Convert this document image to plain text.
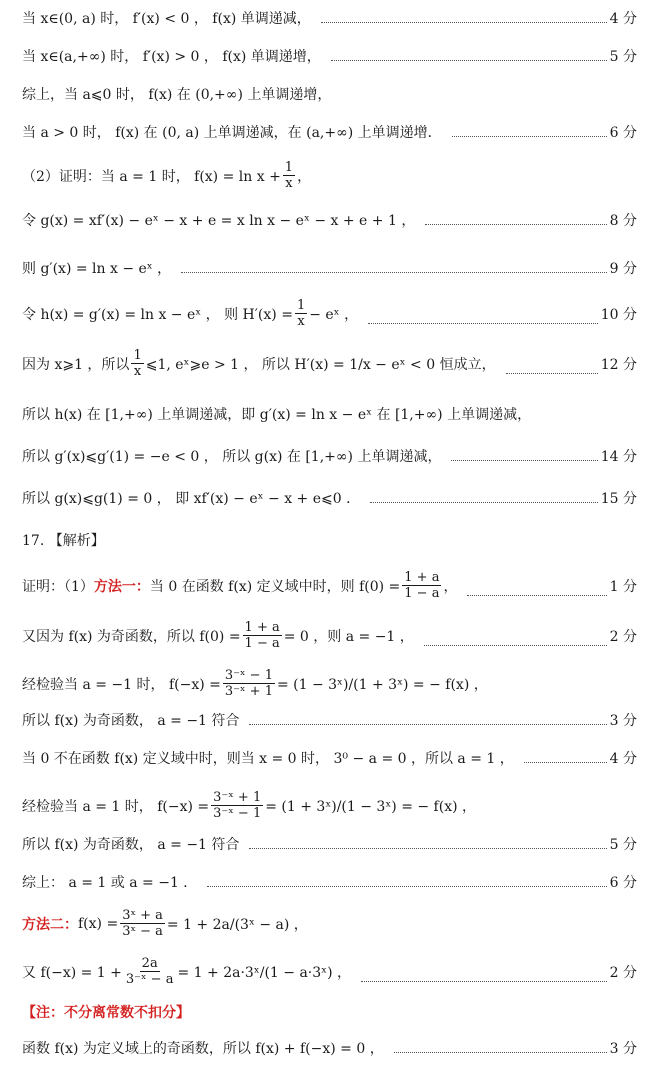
当 x∈(0, a) 时， f′(x) < 0 ， f(x) 单调递减，	4 分
当 x∈(a,+∞) 时， f′(x) > 0 ， f(x) 单调递增，	5 分
综上，当 a⩽0 时， f(x) 在 (0,+∞) 上单调递增，
当 a > 0 时， f(x) 在 (0, a) 上单调递减，在 (a,+∞) 上单调递增．	6 分
（2）证明：当 a = 1 时， $f(x) = \ln x + \frac{1}{x}$ ，
令 g(x) = xf′(x) − eˣ − x + e = x ln x − eˣ − x + e + 1 ，	8 分
则 g′(x) = ln x − eˣ ，	9 分
令 h(x) = g′(x) = ln x − eˣ ， 则 $H'(x) = \frac{1}{x}$ − eˣ ，	10 分
因为 x⩾1 ，所以 $\frac{1}{x}$ ⩽1, eˣ⩾e > 1 ， 所以 H′(x) = 1/x − eˣ < 0 恒成立，	12 分
所以 h(x) 在 [1,+∞) 上单调递减，即 g′(x) = ln x − eˣ 在 [1,+∞) 上单调递减，
所以 g′(x)⩽g′(1) = −e < 0 ， 所以 g(x) 在 [1,+∞) 上单调递减，	14 分
所以 g(x)⩽g(1) = 0 ， 即 xf′(x) − eˣ − x + e⩽0 ．	15 分
17. 【解析】
证明：（1） 方法一： 当 0 在函数 f(x) 定义域中时，则 $f(0) = \frac{1 + a}{1 - a}$ ，	1 分
又因为 f(x) 为奇函数，所以 $f(0) = \frac{1 + a}{1 - a} = 0$ ，则 a = −1 ，	2 分
经检验当 a = −1 时， $f(-x) = \frac{\text{3⁻ˣ − 1}}{\text{3⁻ˣ + 1}} = (1$ − 3ˣ)/(1 + 3ˣ) = − f(x) ，
所以 f(x) 为奇函数， a = −1 符合	3 分
当 0 不在函数 f(x) 定义域中时，则当 x = 0 时， 3⁰ − a = 0 ，所以 a = 1 ，	4 分
经检验当 a = 1 时， $f(-x) = \frac{\text{3⁻ˣ + 1}}{\text{3⁻ˣ − 1}} = (1$ + 3ˣ)/(1 − 3ˣ) = − f(x) ，
所以 f(x) 为奇函数， a = −1 符合	5 分
综上： a = 1 或 a = −1 ．	6 分
方法二： $f(x) = \frac{\text{3ˣ + a}}{\text{3ˣ − a}} = 1$ + 2a/(3ˣ − a) ，
又 $f(-x) = 1 + \frac{2a}{\text{3⁻ˣ − a}} = 1$ + 2a·3ˣ/(1 − a·3ˣ) ，	2 分
【注：不分离常数不扣分】
函数 f(x) 为定义域上的奇函数，所以 f(x) + f(−x) = 0 ，	3 分
